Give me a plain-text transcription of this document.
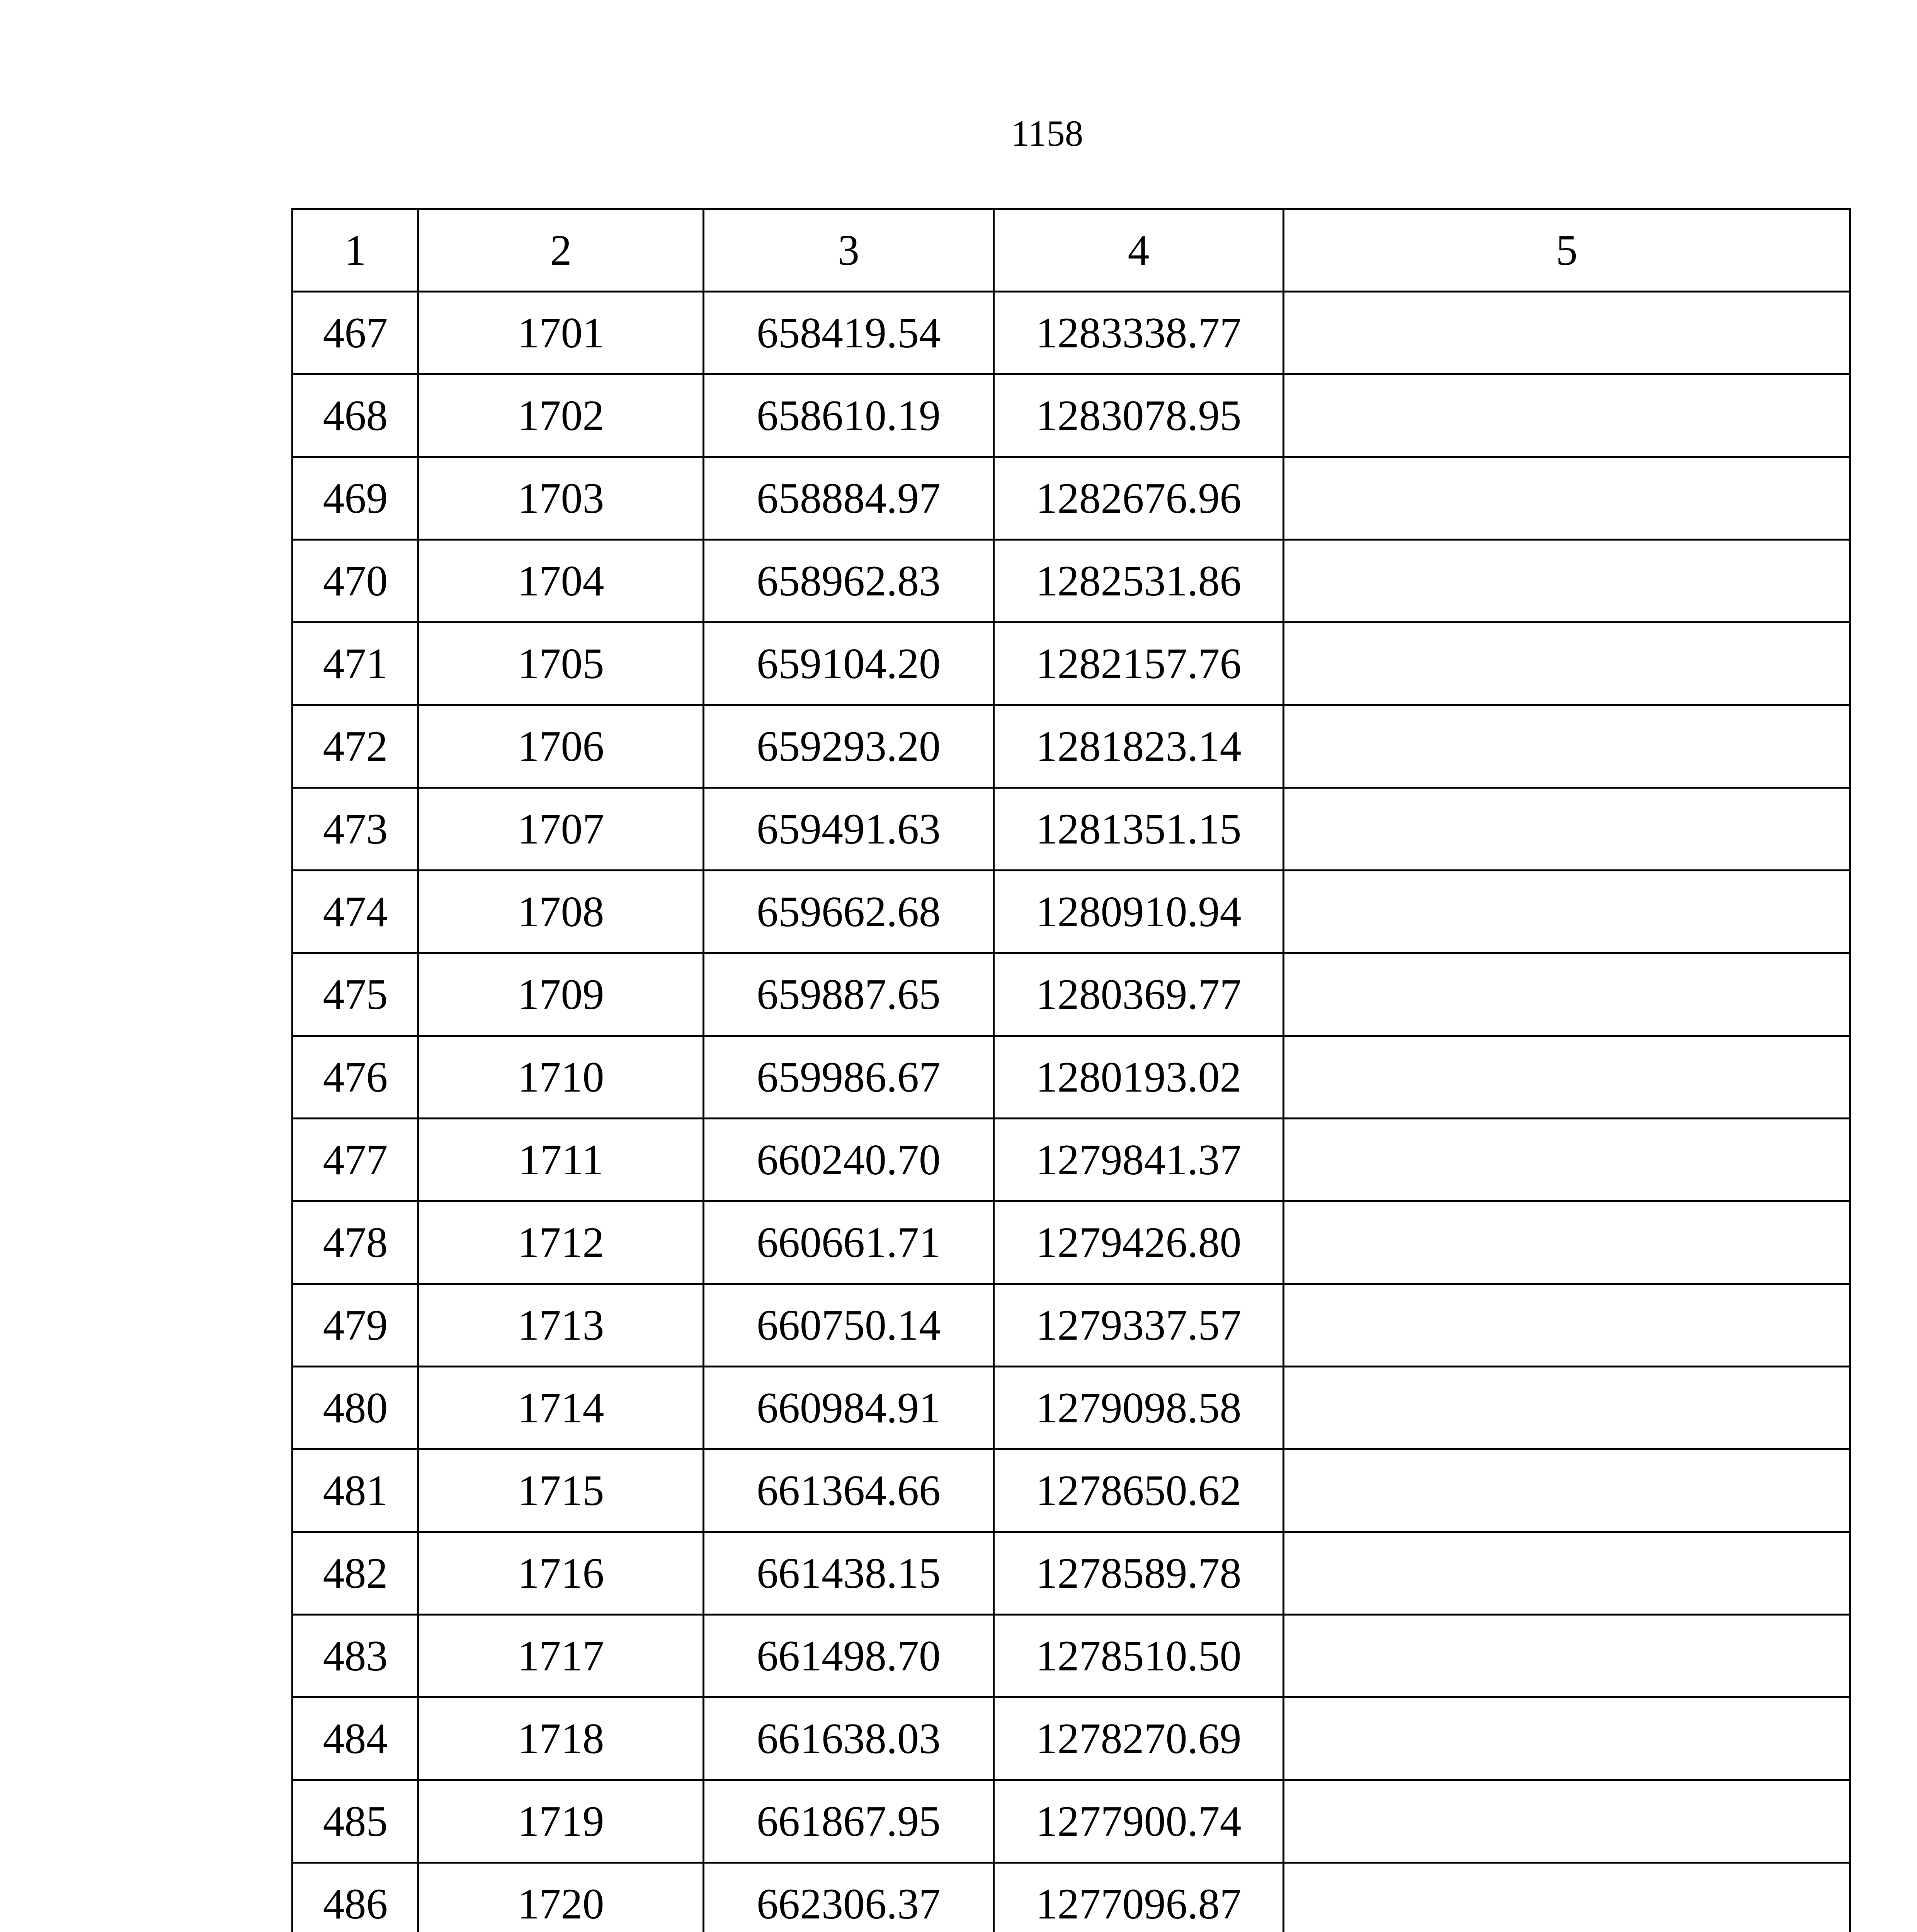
1158
1	2	3	4	5
467	1701	658419.54	1283338.77	
468	1702	658610.19	1283078.95	
469	1703	658884.97	1282676.96	
470	1704	658962.83	1282531.86	
471	1705	659104.20	1282157.76	
472	1706	659293.20	1281823.14	
473	1707	659491.63	1281351.15	
474	1708	659662.68	1280910.94	
475	1709	659887.65	1280369.77	
476	1710	659986.67	1280193.02	
477	1711	660240.70	1279841.37	
478	1712	660661.71	1279426.80	
479	1713	660750.14	1279337.57	
480	1714	660984.91	1279098.58	
481	1715	661364.66	1278650.62	
482	1716	661438.15	1278589.78	
483	1717	661498.70	1278510.50	
484	1718	661638.03	1278270.69	
485	1719	661867.95	1277900.74	
486	1720	662306.37	1277096.87	
